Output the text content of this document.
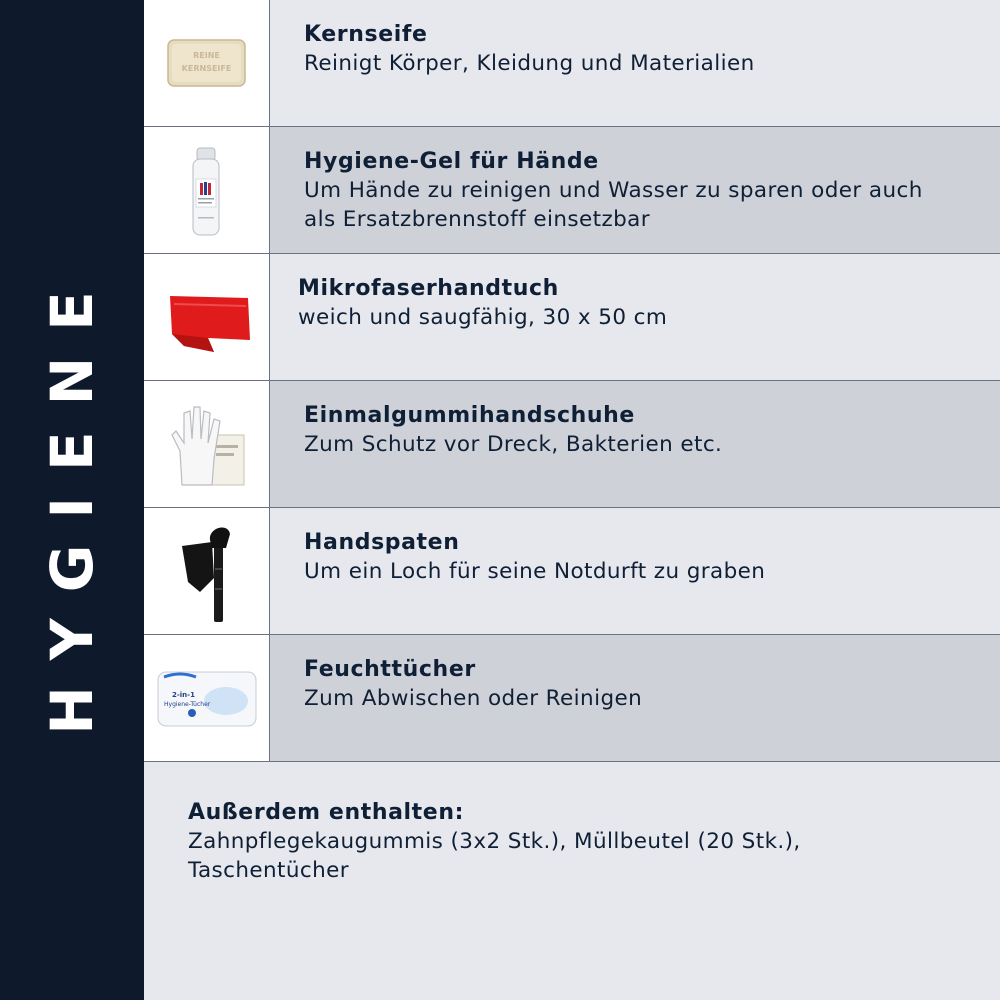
HYGIENE
REINE
KERNSEIFE
Kernseife
Reinigt Körper, Kleidung und Materialien
Hygiene-Gel für Hände
Um Hände zu reinigen und Wasser zu sparen oder auch
als Ersatzbrennstoff einsetzbar
Mikrofaserhandtuch
weich und saugfähig, 30 x 50 cm
Einmalgummihandschuhe
Zum Schutz vor Dreck, Bakterien etc.
Handspaten
Um ein Loch für seine Notdurft zu graben
2-in-1
Hygiene-Tücher
Feuchttücher
Zum Abwischen oder Reinigen
Außerdem enthalten:
Zahnpflegekaugummis (3x2 Stk.), Müllbeutel (20 Stk.),
Taschentücher
